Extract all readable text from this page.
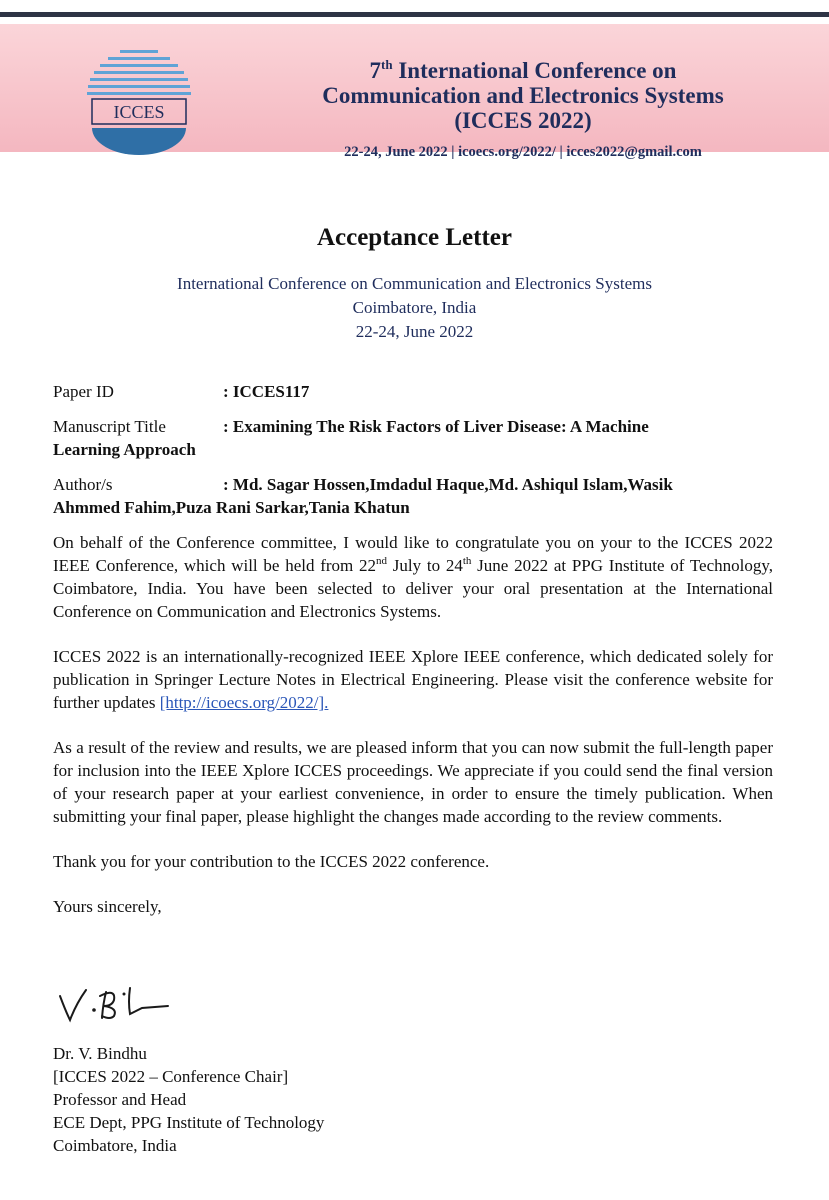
ICCES
7th International Conference on
Communication and Electronics Systems
(ICCES 2022)
22-24, June 2022 | icoecs.org/2022/ | icces2022@gmail.com
Acceptance Letter
International Conference on Communication and Electronics Systems
Coimbatore, India
22-24, June 2022
Paper ID	: ICCES117
Manuscript Title	: Examining The Risk Factors of Liver Disease: A Machine
Learning Approach
Author/s	: Md. Sagar Hossen,Imdadul Haque,Md. Ashiqul Islam,Wasik
Ahmmed Fahim,Puza Rani Sarkar,Tania Khatun

On behalf of the Conference committee, I would like to congratulate you on your to the ICCES 2022 IEEE Conference, which will be held from 22nd July to 24th June 2022 at PPG Institute of Technology, Coimbatore, India. You have been selected to deliver your oral presentation at the International Conference on Communication and Electronics Systems.

ICCES 2022 is an internationally-recognized IEEE Xplore IEEE conference, which dedicated solely for publication in Springer Lecture Notes in Electrical Engineering. Please visit the conference website for further updates [http://icoecs.org/2022/].

As a result of the review and results, we are pleased inform that you can now submit the full-length paper for inclusion into the IEEE Xplore ICCES proceedings. We appreciate if you could send the final version of your research paper at your earliest convenience, in order to ensure the timely publication. When submitting your final paper, please highlight the changes made according to the review comments.

Thank you for your contribution to the ICCES 2022 conference.

Yours sincerely,
Dr. V. Bindhu
[ICCES 2022 – Conference Chair]
Professor and Head
ECE Dept, PPG Institute of Technology
Coimbatore, India
